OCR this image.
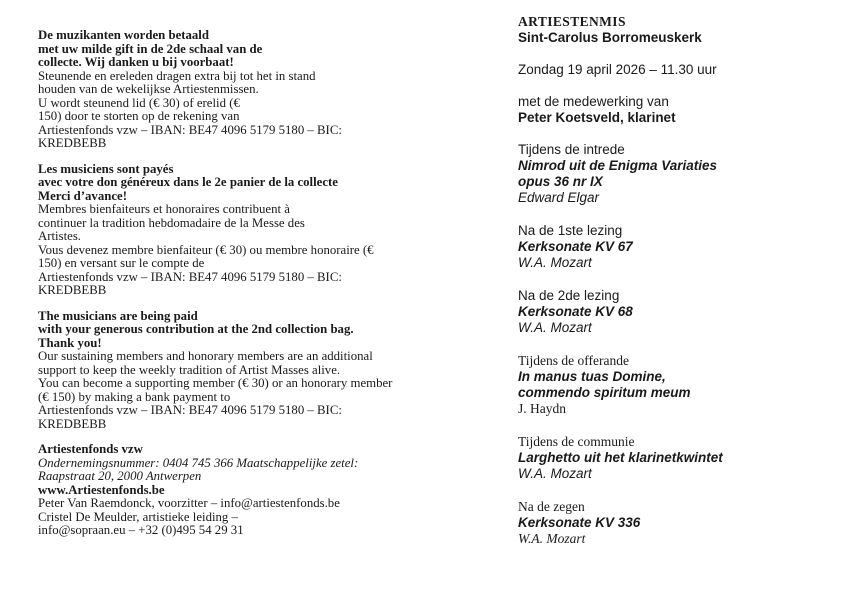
De muzikanten worden betaald
met uw milde gift in de 2de schaal van de
collecte. Wij danken u bij voorbaat!
Steunende en ereleden dragen extra bij tot het in stand
houden van de wekelijkse Artiestenmissen.
U wordt steunend lid (€ 30) of erelid (€
150) door te storten op de rekening van
Artiestenfonds vzw – IBAN: BE47 4096 5179 5180 – BIC:
KREDBEBB
Les musiciens sont payés
avec votre don généreux dans le 2e panier de la collecte
Merci d’avance!
Membres bienfaiteurs et honoraires contribuent à
continuer la tradition hebdomadaire de la Messe des
Artistes.
Vous devenez membre bienfaiteur (€ 30) ou membre honoraire (€
150) en versant sur le compte de
Artiestenfonds vzw – IBAN: BE47 4096 5179 5180 – BIC:
KREDBEBB
The musicians are being paid
with your generous contribution at the 2nd collection bag.
Thank you!
Our sustaining members and honorary members are an additional
support to keep the weekly tradition of Artist Masses alive.
You can become a supporting member (€ 30) or an honorary member
(€ 150) by making a bank payment to
Artiestenfonds vzw – IBAN: BE47 4096 5179 5180 – BIC:
KREDBEBB
Artiestenfonds vzw
Ondernemingsnummer: 0404 745 366 Maatschappelijke zetel:
Raapstraat 20, 2000 Antwerpen
www.Artiestenfonds.be
Peter Van Raemdonck, voorzitter – info@artiestenfonds.be
Cristel De Meulder, artistieke leiding –
info@sopraan.eu – +32 (0)495 54 29 31
ARTIESTENMIS
Sint-Carolus Borromeuskerk
Zondag 19 april 2026 – 11.30 uur
met de medewerking van
Peter Koetsveld, klarinet
Tijdens de intrede
Nimrod uit de Enigma Variaties
opus 36 nr IX
Edward Elgar
Na de 1ste lezing
Kerksonate KV 67
W.A. Mozart
Na de 2de lezing
Kerksonate KV 68
W.A. Mozart
Tijdens de offerande
In manus tuas Domine,
commendo spiritum meum
J. Haydn
Tijdens de communie
Larghetto uit het klarinetkwintet
W.A. Mozart
Na de zegen
Kerksonate KV 336
W.A. Mozart
